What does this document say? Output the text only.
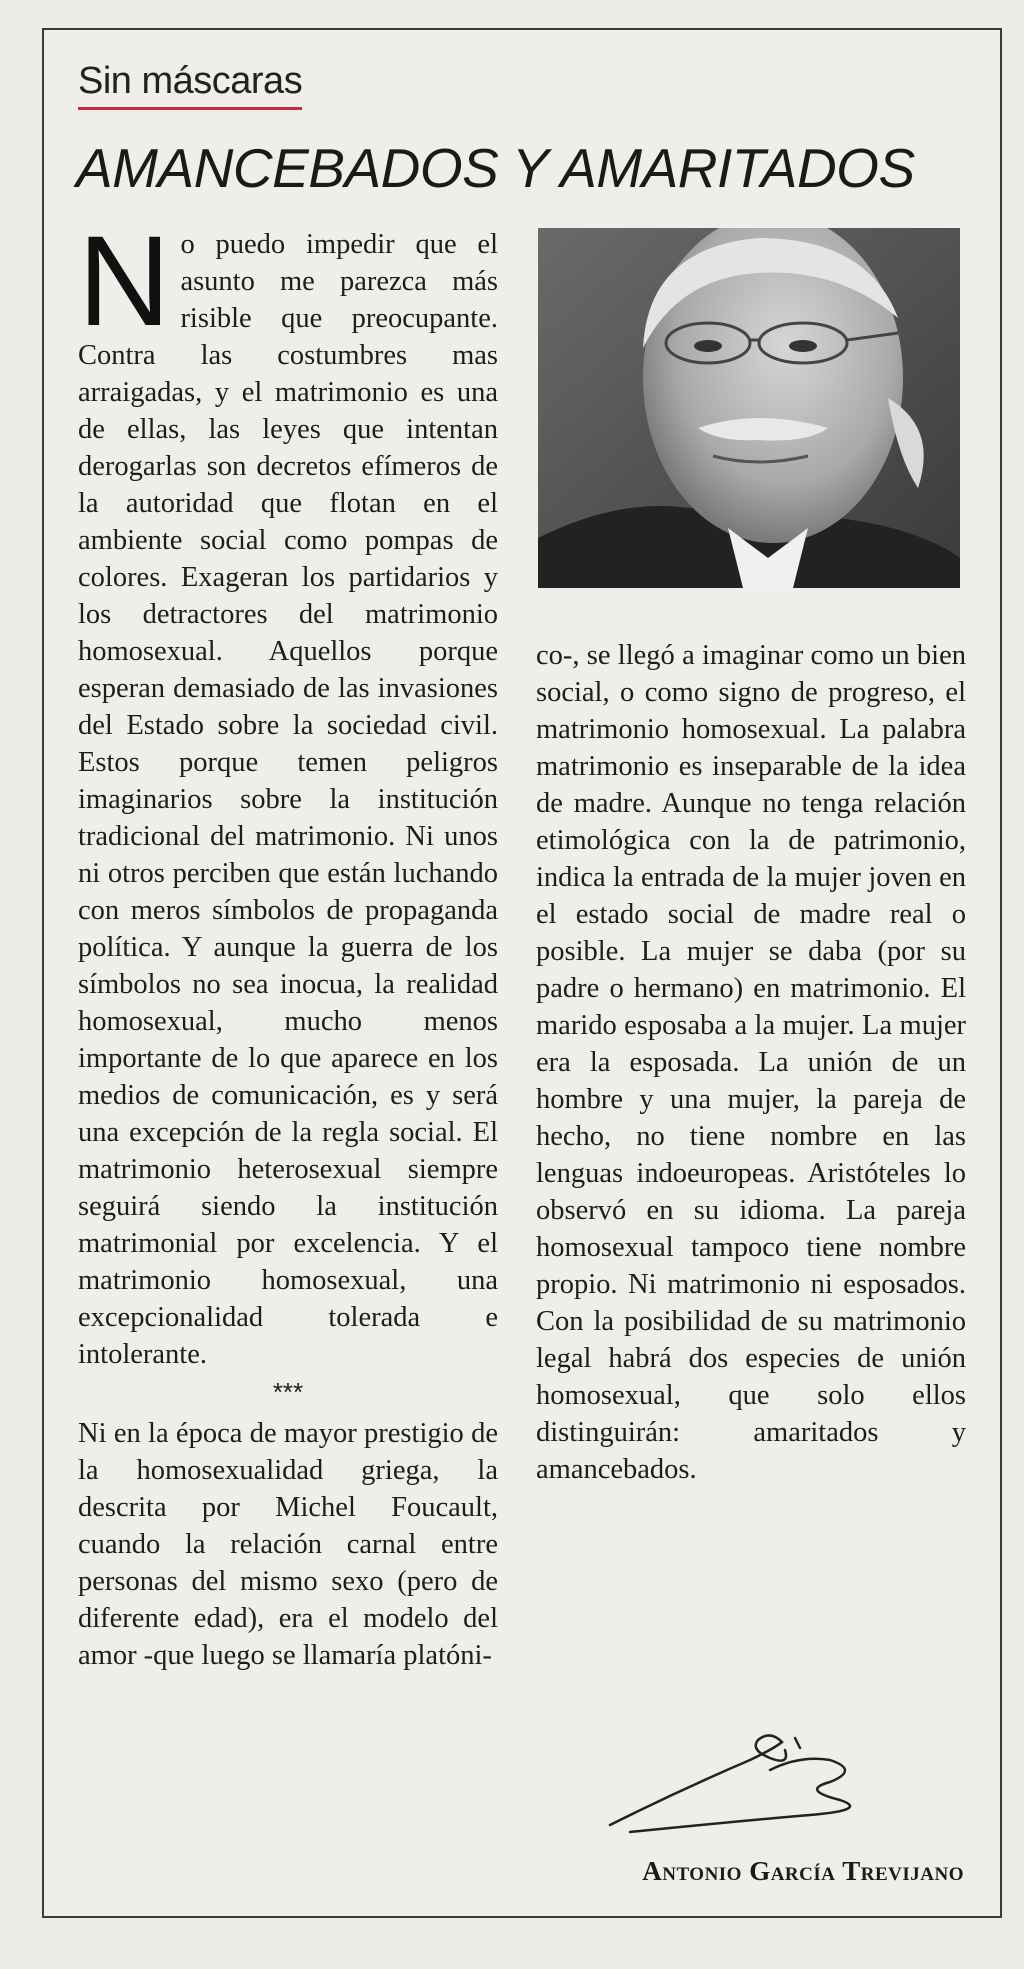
Sin máscaras
AMANCEBADOS Y AMARITADOS

No puedo impedir que el asunto me parezca más risible que preocupante. Contra las costumbres mas arraigadas, y el matrimonio es una de ellas, las leyes que intentan derogarlas son decretos efímeros de la autoridad que flotan en el ambiente social como pompas de colores. Exageran los partidarios y los detractores del matrimonio homosexual. Aquellos porque esperan demasiado de las invasiones del Estado sobre la sociedad civil. Estos porque temen peligros imaginarios sobre la institución tradicional del matrimonio. Ni unos ni otros perciben que están luchando con meros símbolos de propaganda política. Y aunque la guerra de los símbolos no sea inocua, la realidad homosexual, mucho menos importante de lo que aparece en los medios de comunicación, es y será una excepción de la regla social. El matrimonio heterosexual siempre seguirá siendo la institución matrimonial por excelencia. Y el matrimonio homosexual, una excepcionalidad tolerada e intolerante.

***

Ni en la época de mayor prestigio de la homosexualidad griega, la descrita por Michel Foucault, cuando la relación carnal entre personas del mismo sexo (pero de diferente edad), era el modelo del amor -que luego se llamaría platóni-

co-, se llegó a imaginar como un bien social, o como signo de progreso, el matrimonio homosexual. La palabra matrimonio es inseparable de la idea de madre. Aunque no tenga relación etimológica con la de patrimonio, indica la entrada de la mujer joven en el estado social de madre real o posible. La mujer se daba (por su padre o hermano) en matrimonio. El marido esposaba a la mujer. La mujer era la esposada. La unión de un hombre y una mujer, la pareja de hecho, no tiene nombre en las lenguas indoeuropeas. Aristóteles lo observó en su idioma. La pareja homosexual tampoco tiene nombre propio. Ni matrimonio ni esposados. Con la posibilidad de su matrimonio legal habrá dos especies de unión homosexual, que solo ellos distinguirán: amaritados y amancebados.

Antonio García Trevijano
